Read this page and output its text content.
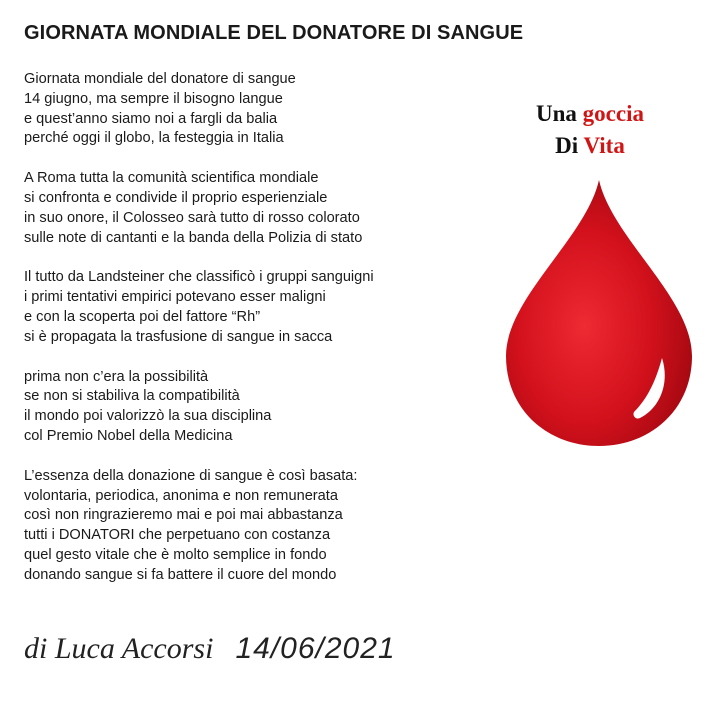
GIORNATA MONDIALE DEL DONATORE DI SANGUE
Giornata mondiale del donatore di sangue
14 giugno, ma sempre il bisogno langue
e quest’anno siamo noi a fargli da balia
perché oggi il globo, la festeggia in Italia
A Roma tutta la comunità scientifica mondiale
si confronta e condivide il proprio esperienziale
in suo onore, il Colosseo sarà tutto di rosso colorato
sulle note di cantanti e la banda della Polizia di stato
Il tutto da Landsteiner che classificò i gruppi sanguigni
i primi tentativi empirici potevano esser maligni
e con la scoperta poi del fattore “Rh”
si è propagata la trasfusione di sangue in sacca
prima non c’era la possibilità
se non si stabiliva la compatibilità
il mondo poi valorizzò la sua disciplina
col Premio Nobel della Medicina
L’essenza della donazione di sangue è così basata:
volontaria, periodica, anonima e non remunerata
così non ringrazieremo mai e poi mai abbastanza
tutti i DONATORI che perpetuano con costanza
quel gesto vitale che è molto semplice in fondo
donando sangue si fa battere il cuore del mondo
Una goccia
Di Vita
di Luca Accorsi 14/06/2021
